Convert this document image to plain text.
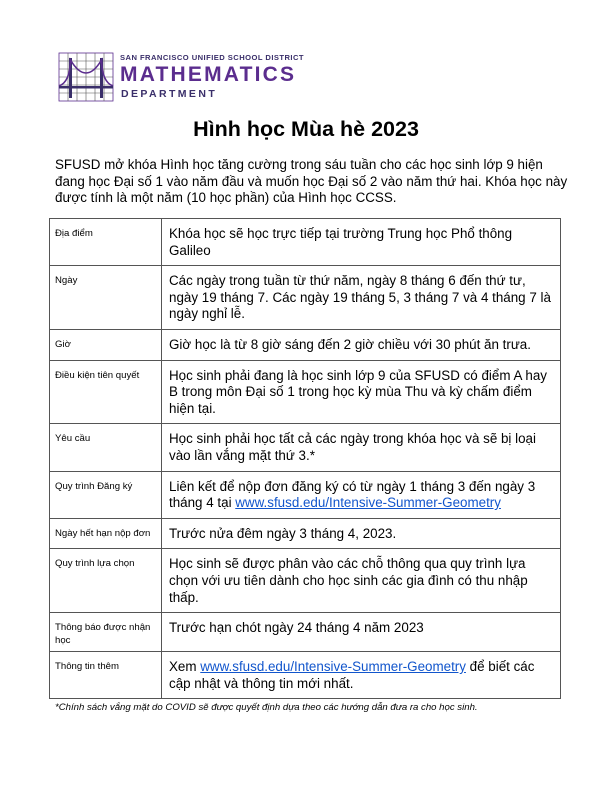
SAN FRANCISCO UNIFIED SCHOOL DISTRICT
MATHEMATICS
DEPARTMENT
Hình học Mùa hè 2023

SFUSD mở khóa Hình học tăng cường trong sáu tuần cho các học sinh lớp 9 hiện đang học Đại số 1 vào năm đầu và muốn học Đại số 2 vào năm thứ hai. Khóa học này được tính là một năm (10 học phần) của Hình học CCSS.

Địa điểm	Khóa học sẽ học trực tiếp tại trường Trung học Phổ thông Galileo
Ngày	Các ngày trong tuần từ thứ năm, ngày 8 tháng 6 đến thứ tư, ngày 19 tháng 7. Các ngày 19 tháng 5, 3 tháng 7 và 4 tháng 7 là ngày nghỉ lễ.
Giờ	Giờ học là từ 8 giờ sáng đến 2 giờ chiều với 30 phút ăn trưa.
Điều kiện tiên quyết	Học sinh phải đang là học sinh lớp 9 của SFUSD có điểm A hay B trong môn Đại số 1 trong học kỳ mùa Thu và kỳ chấm điểm hiện tại.
Yêu cầu	Học sinh phải học tất cả các ngày trong khóa học và sẽ bị loại vào lần vắng mặt thứ 3.*
Quy trình Đăng ký	Liên kết để nộp đơn đăng ký có từ ngày 1 tháng 3 đến ngày 3 tháng 4 tại www.sfusd.edu/Intensive-Summer-Geometry
Ngày hết hạn nộp đơn	Trước nửa đêm ngày 3 tháng 4, 2023.
Quy trình lựa chọn	Học sinh sẽ được phân vào các chỗ thông qua quy trình lựa chọn với ưu tiên dành cho học sinh các gia đình có thu nhập thấp.
Thông báo được nhận học	Trước hạn chót ngày 24 tháng 4 năm 2023
Thông tin thêm	Xem www.sfusd.edu/Intensive-Summer-Geometry để biết các cập nhật và thông tin mới nhất.

*Chính sách vắng mặt do COVID sẽ được quyết định dựa theo các hướng dẫn đưa ra cho học sinh.
